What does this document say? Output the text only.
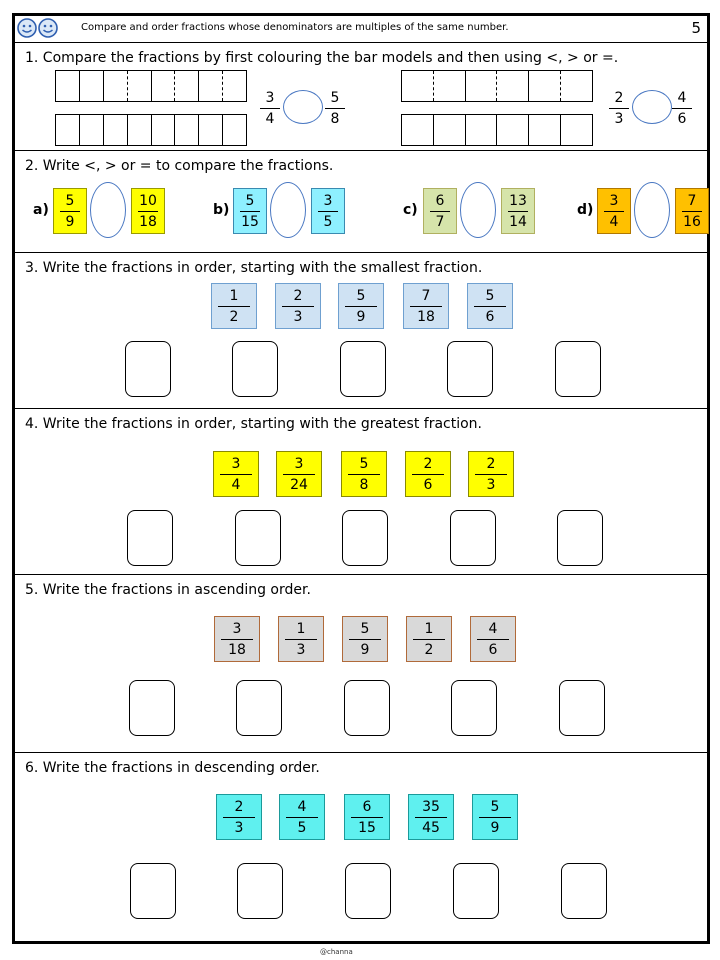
Compare and order fractions whose denominators are multiples of the same number.	5
1. Compare the fractions by first colouring the bar models and then using <, > or =.
3
4
5
8
2
3
4
6
2. Write <, > or = to compare the fractions.
a)
5
9
10
18
b)
5
15
3
5
c)
6
7
13
14
d)
3
4
7
16
3. Write the fractions in order, starting with the smallest fraction.
1
2
2
3
5
9
7
18
5
6
4. Write the fractions in order, starting with the greatest fraction.
3
4
3
24
5
8
2
6
2
3
5. Write the fractions in ascending order.
3
18
1
3
5
9
1
2
4
6
6. Write the fractions in descending order.
2
3
4
5
6
15
35
45
5
9
@channa
